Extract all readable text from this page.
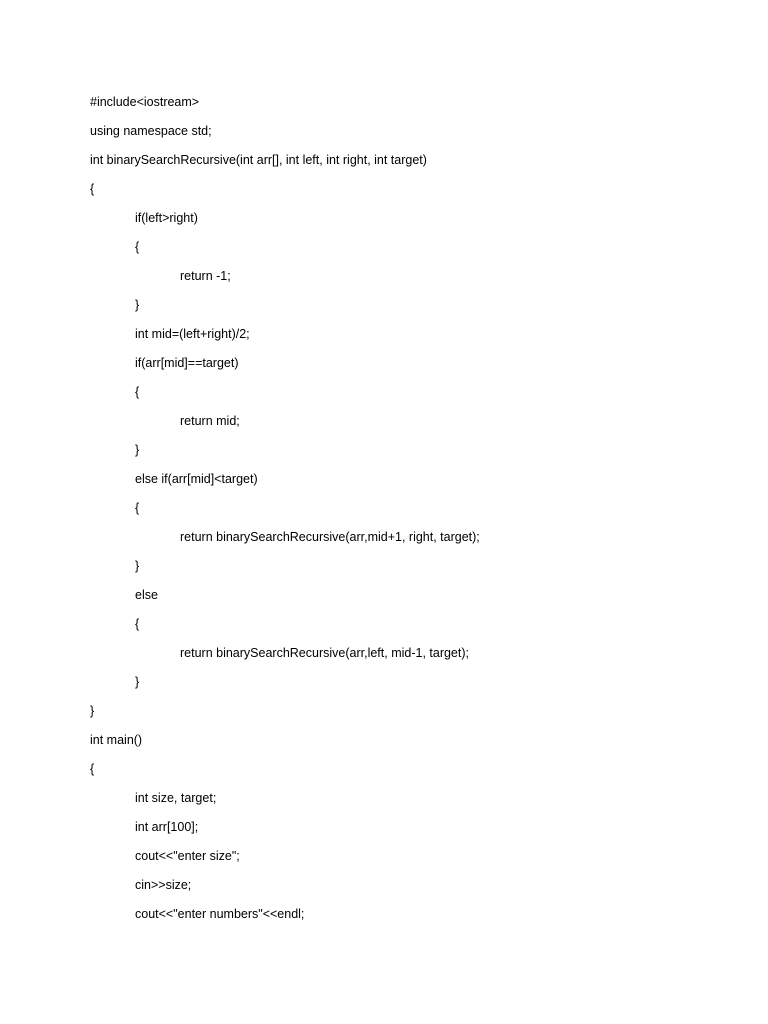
#include<iostream>
using namespace std;
int binarySearchRecursive(int arr[], int left, int right, int target)
{
if(left>right)
{
return -1;
}
int mid=(left+right)/2;
if(arr[mid]==target)
{
return mid;
}
else if(arr[mid]<target)
{
return binarySearchRecursive(arr,mid+1, right, target);
}
else
{
return binarySearchRecursive(arr,left, mid-1, target);
}
}
int main()
{
int size, target;
int arr[100];
cout<<"enter size";
cin>>size;
cout<<"enter numbers"<<endl;
